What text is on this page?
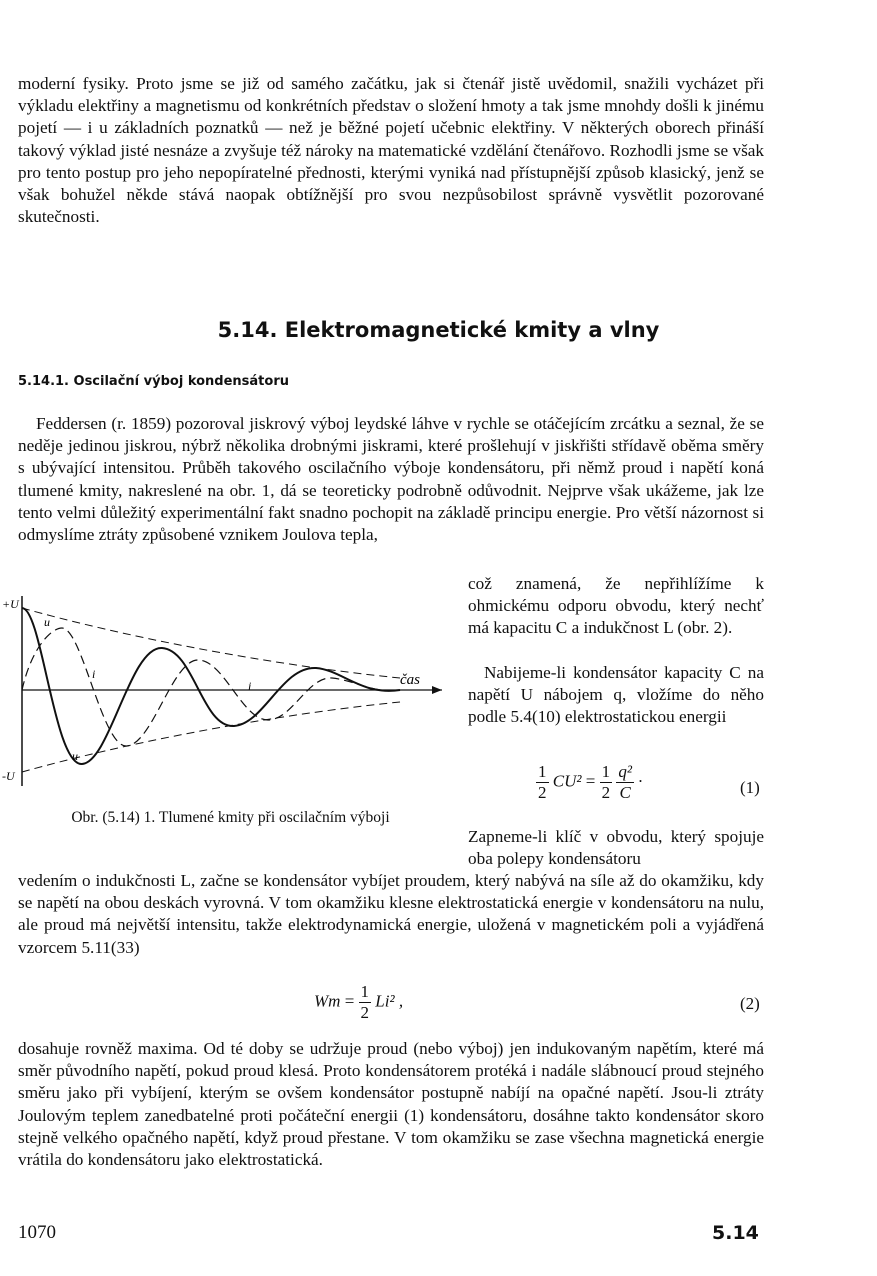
moderní fysiky. Proto jsme se již od samého začátku, jak si čtenář jistě uvědomil, snažili vycházet při výkladu elektřiny a magnetismu od konkrétních představ o složení hmoty a tak jsme mnohdy došli k jinému pojetí — i u základních poznatků — než je běžné pojetí učebnic elektřiny. V některých oborech přináší takový výklad jisté nesnáze a zvyšuje též nároky na matematické vzdělání čtenářovo. Rozhodli jsme se však pro tento postup pro jeho nepopíratelné přednosti, kterými vyniká nad přístupnější způsob klasický, jenž se však bohužel někde stává naopak obtížnější pro svou nezpůsobilost správně vysvětlit pozorované skutečnosti.

5.14. Elektromagnetické kmity a vlny
5.14.1. Oscilační výboj kondensátoru

Feddersen (r. 1859) pozoroval jiskrový výboj leydské láhve v rychle se otáčejícím zrcátku a seznal, že se neděje jedinou jiskrou, nýbrž několika drobnými jiskrami, které prošlehují v jiskřišti střídavě oběma směry s ubývající intensitou. Průběh takového oscilačního výboje kondensátoru, při němž proud i napětí koná tlumené kmity, nakreslené na obr. 1, dá se teoreticky podrobně odůvodnit. Nejprve však ukážeme, jak lze tento velmi důležitý experimentální fakt snadno pochopit na základě principu energie. Pro větší názornost si odmyslíme ztráty způsobené vznikem Joulova tepla,

což znamená, že nepřihlížíme k ohmickému odporu obvodu, který nechť má kapacitu C a indukčnost L (obr. 2).

Nabijeme-li kondensátor kapacity C na napětí U nábojem q, vložíme do něho podle 5.4(10) elektrostatickou energii

$\frac{1}{2} CU^2 = \frac{1}{2}$
$\frac{\text{q²}}{C}$ ·	(1)

Zapneme-li klíč v obvodu, který spojuje oba polepy kondensátoru

+U
-U
u
u
i
i	čas

Obr. (5.14) 1. Tlumené kmity při oscilačním výboji

vedením o indukčnosti L, začne se kondensátor vybíjet proudem, který nabývá na síle až do okamžiku, kdy se napětí na obou deskách vyrovná. V tom okamžiku klesne elektrostatická energie v kondensátoru na nulu, ale proud má největší intensitu, takže elektrodynamická energie, uložená v magnetickém poli a vyjádřená vzorcem 5.11(33)

$Wm = \frac{1}{2} Li^2$ ,	(2)

dosahuje rovněž maxima. Od té doby se udržuje proud (nebo výboj) jen indukovaným napětím, které má směr původního napětí, pokud proud klesá. Proto kondensátorem protéká i nadále slábnoucí proud stejného směru jako při vybíjení, kterým se ovšem kondensátor postupně nabíjí na opačné napětí. Jsou-li ztráty Joulovým teplem zanedbatelné proti počáteční energii (1) kondensátoru, dosáhne takto kondensátor skoro stejně velkého opačného napětí, když proud přestane. V tom okamžiku se zase všechna magnetická energie vrátila do kondensátoru jako elektrostatická.

1070	5.14
